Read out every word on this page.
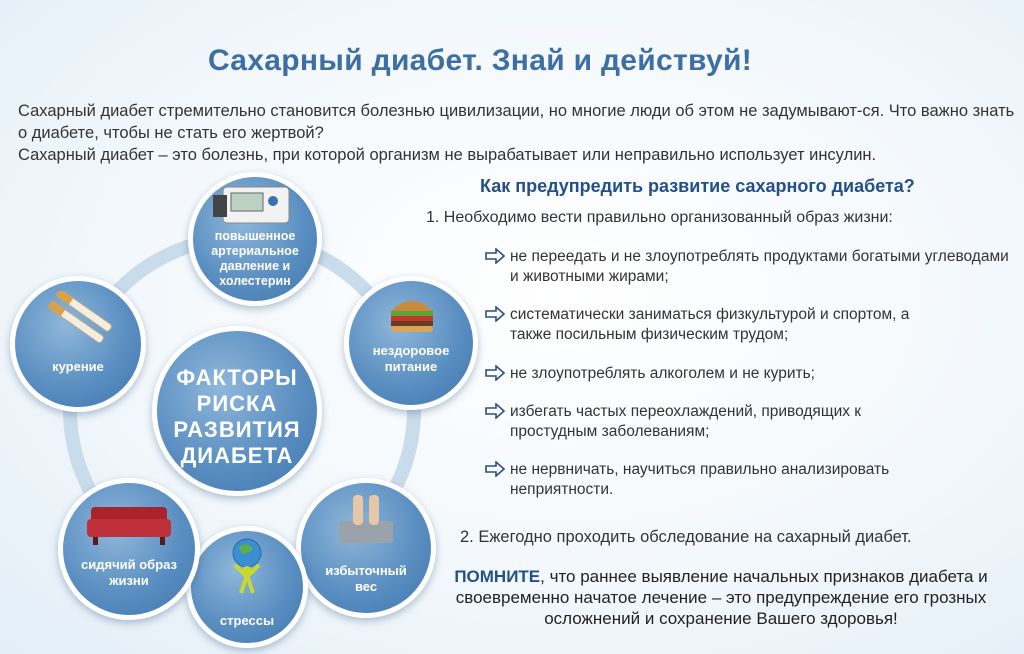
Сахарный диабет. Знай и действуй!

Сахарный диабет стремительно становится болезнью цивилизации, но многие люди об этом не задумывают-ся. Что важно знать о диабете, чтобы не стать его жертвой?

Сахарный диабет – это болезнь, при которой организм не вырабатывает или неправильно использует инсулин.

ФАКТОРЫ РИСКА РАЗВИТИЯ ДИАБЕТА
повышенное артериальное давление и холестерин
нездоровое питание
избыточный вес
стрессы
сидячий образ жизни
курение
Как предупредить развитие сахарного диабета?
1. Необходимо вести правильно организованный образ жизни:
не переедать и не злоупотреблять продуктами богатыми углеводами и животными жирами;
систематически заниматься физкультурой и спортом, а также посильным физическим трудом;
не злоупотреблять алкоголем и не курить;
избегать частых переохлаждений, приводящих к простудным заболеваниям;
не нервничать, научиться правильно анализировать неприятности.
2. Ежегодно проходить обследование на сахарный диабет.
ПОМНИТЕ, что раннее выявление начальных признаков диабета и своевременно начатое лечение – это предупреждение его грозных осложнений и сохранение Вашего здоровья!
